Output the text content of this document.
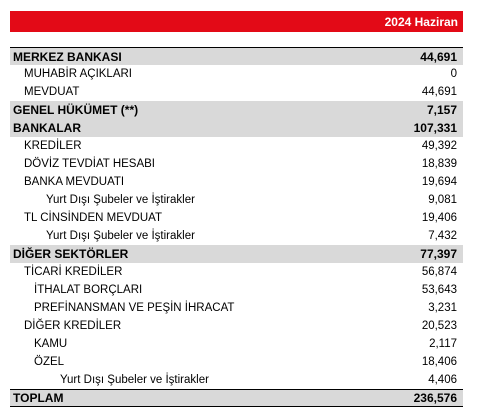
2024 Haziran
MERKEZ BANKASI	44,691
MUHABİR AÇIKLARI	0
MEVDUAT	44,691
GENEL HÜKÜMET (**)	7,157
BANKALAR	107,331
KREDİLER	49,392
DÖVİZ TEVDİAT HESABI	18,839
BANKA MEVDUATI	19,694
Yurt Dışı Şubeler ve İştirakler	9,081
TL CİNSİNDEN MEVDUAT	19,406
Yurt Dışı Şubeler ve İştirakler	7,432
DİĞER SEKTÖRLER	77,397
TİCARİ KREDİLER	56,874
İTHALAT BORÇLARI	53,643
PREFİNANSMAN VE PEŞİN İHRACAT	3,231
DİĞER KREDİLER	20,523
KAMU	2,117
ÖZEL	18,406
Yurt Dışı Şubeler ve İştirakler	4,406
TOPLAM	236,576
